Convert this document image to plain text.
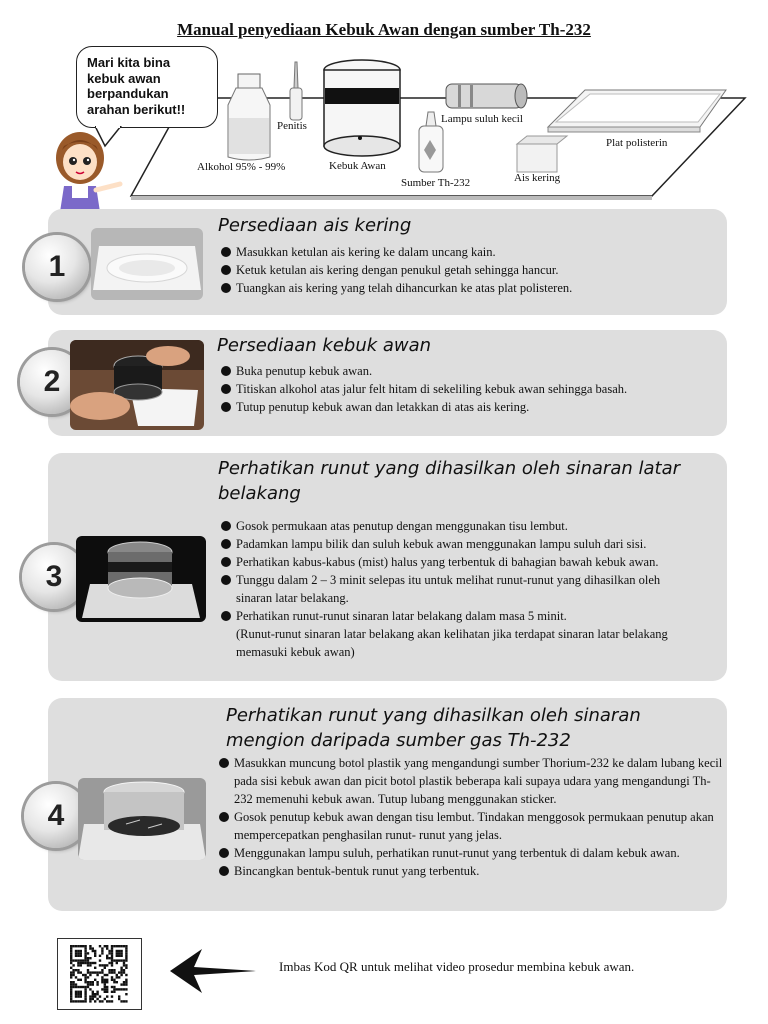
Manual penyediaan Kebuk Awan dengan sumber Th-232
Mari kita bina kebuk awan berpandukan arahan berikut!!
Alkohol 95% - 99%
Penitis
Kebuk Awan
Sumber Th-232
Lampu suluh kecil
Ais kering
Plat polisterin
1
Persediaan ais kering
Masukkan ketulan ais kering ke dalam uncang kain.
Ketuk ketulan ais kering dengan penukul getah sehingga hancur.
Tuangkan ais kering yang telah dihancurkan ke atas plat polisteren.
2
Persediaan kebuk awan
Buka penutup kebuk awan.
Titiskan alkohol atas jalur felt hitam di sekeliling kebuk awan sehingga basah.
Tutup penutup kebuk awan dan letakkan di atas ais kering.
3
Perhatikan runut yang dihasilkan oleh sinaran latar belakang
Gosok permukaan atas penutup dengan menggunakan tisu lembut.
Padamkan lampu bilik dan suluh kebuk awan menggunakan lampu suluh dari sisi.
Perhatikan kabus-kabus (mist) halus yang terbentuk di bahagian bawah kebuk awan.
Tunggu dalam 2 – 3 minit selepas itu untuk melihat runut-runut yang dihasilkan oleh sinaran latar belakang.
Perhatikan runut-runut sinaran latar belakang dalam masa 5 minit.
(Runut-runut sinaran latar belakang akan kelihatan jika terdapat sinaran latar belakang memasuki kebuk awan)
4
Perhatikan runut yang dihasilkan oleh sinaran mengion daripada sumber gas Th-232
Masukkan muncung botol plastik yang mengandungi sumber Thorium-232 ke dalam lubang kecil pada sisi kebuk awan dan picit botol plastik beberapa kali supaya udara yang mengandungi Th-232 memenuhi kebuk awan. Tutup lubang menggunakan sticker.
Gosok penutup kebuk awan dengan tisu lembut. Tindakan menggosok permukaan penutup akan mempercepatkan penghasilan runut- runut yang jelas.
Menggunakan lampu suluh, perhatikan runut-runut yang terbentuk di dalam kebuk awan.
Bincangkan bentuk-bentuk runut yang terbentuk.
Imbas Kod QR untuk melihat video prosedur membina kebuk awan.
